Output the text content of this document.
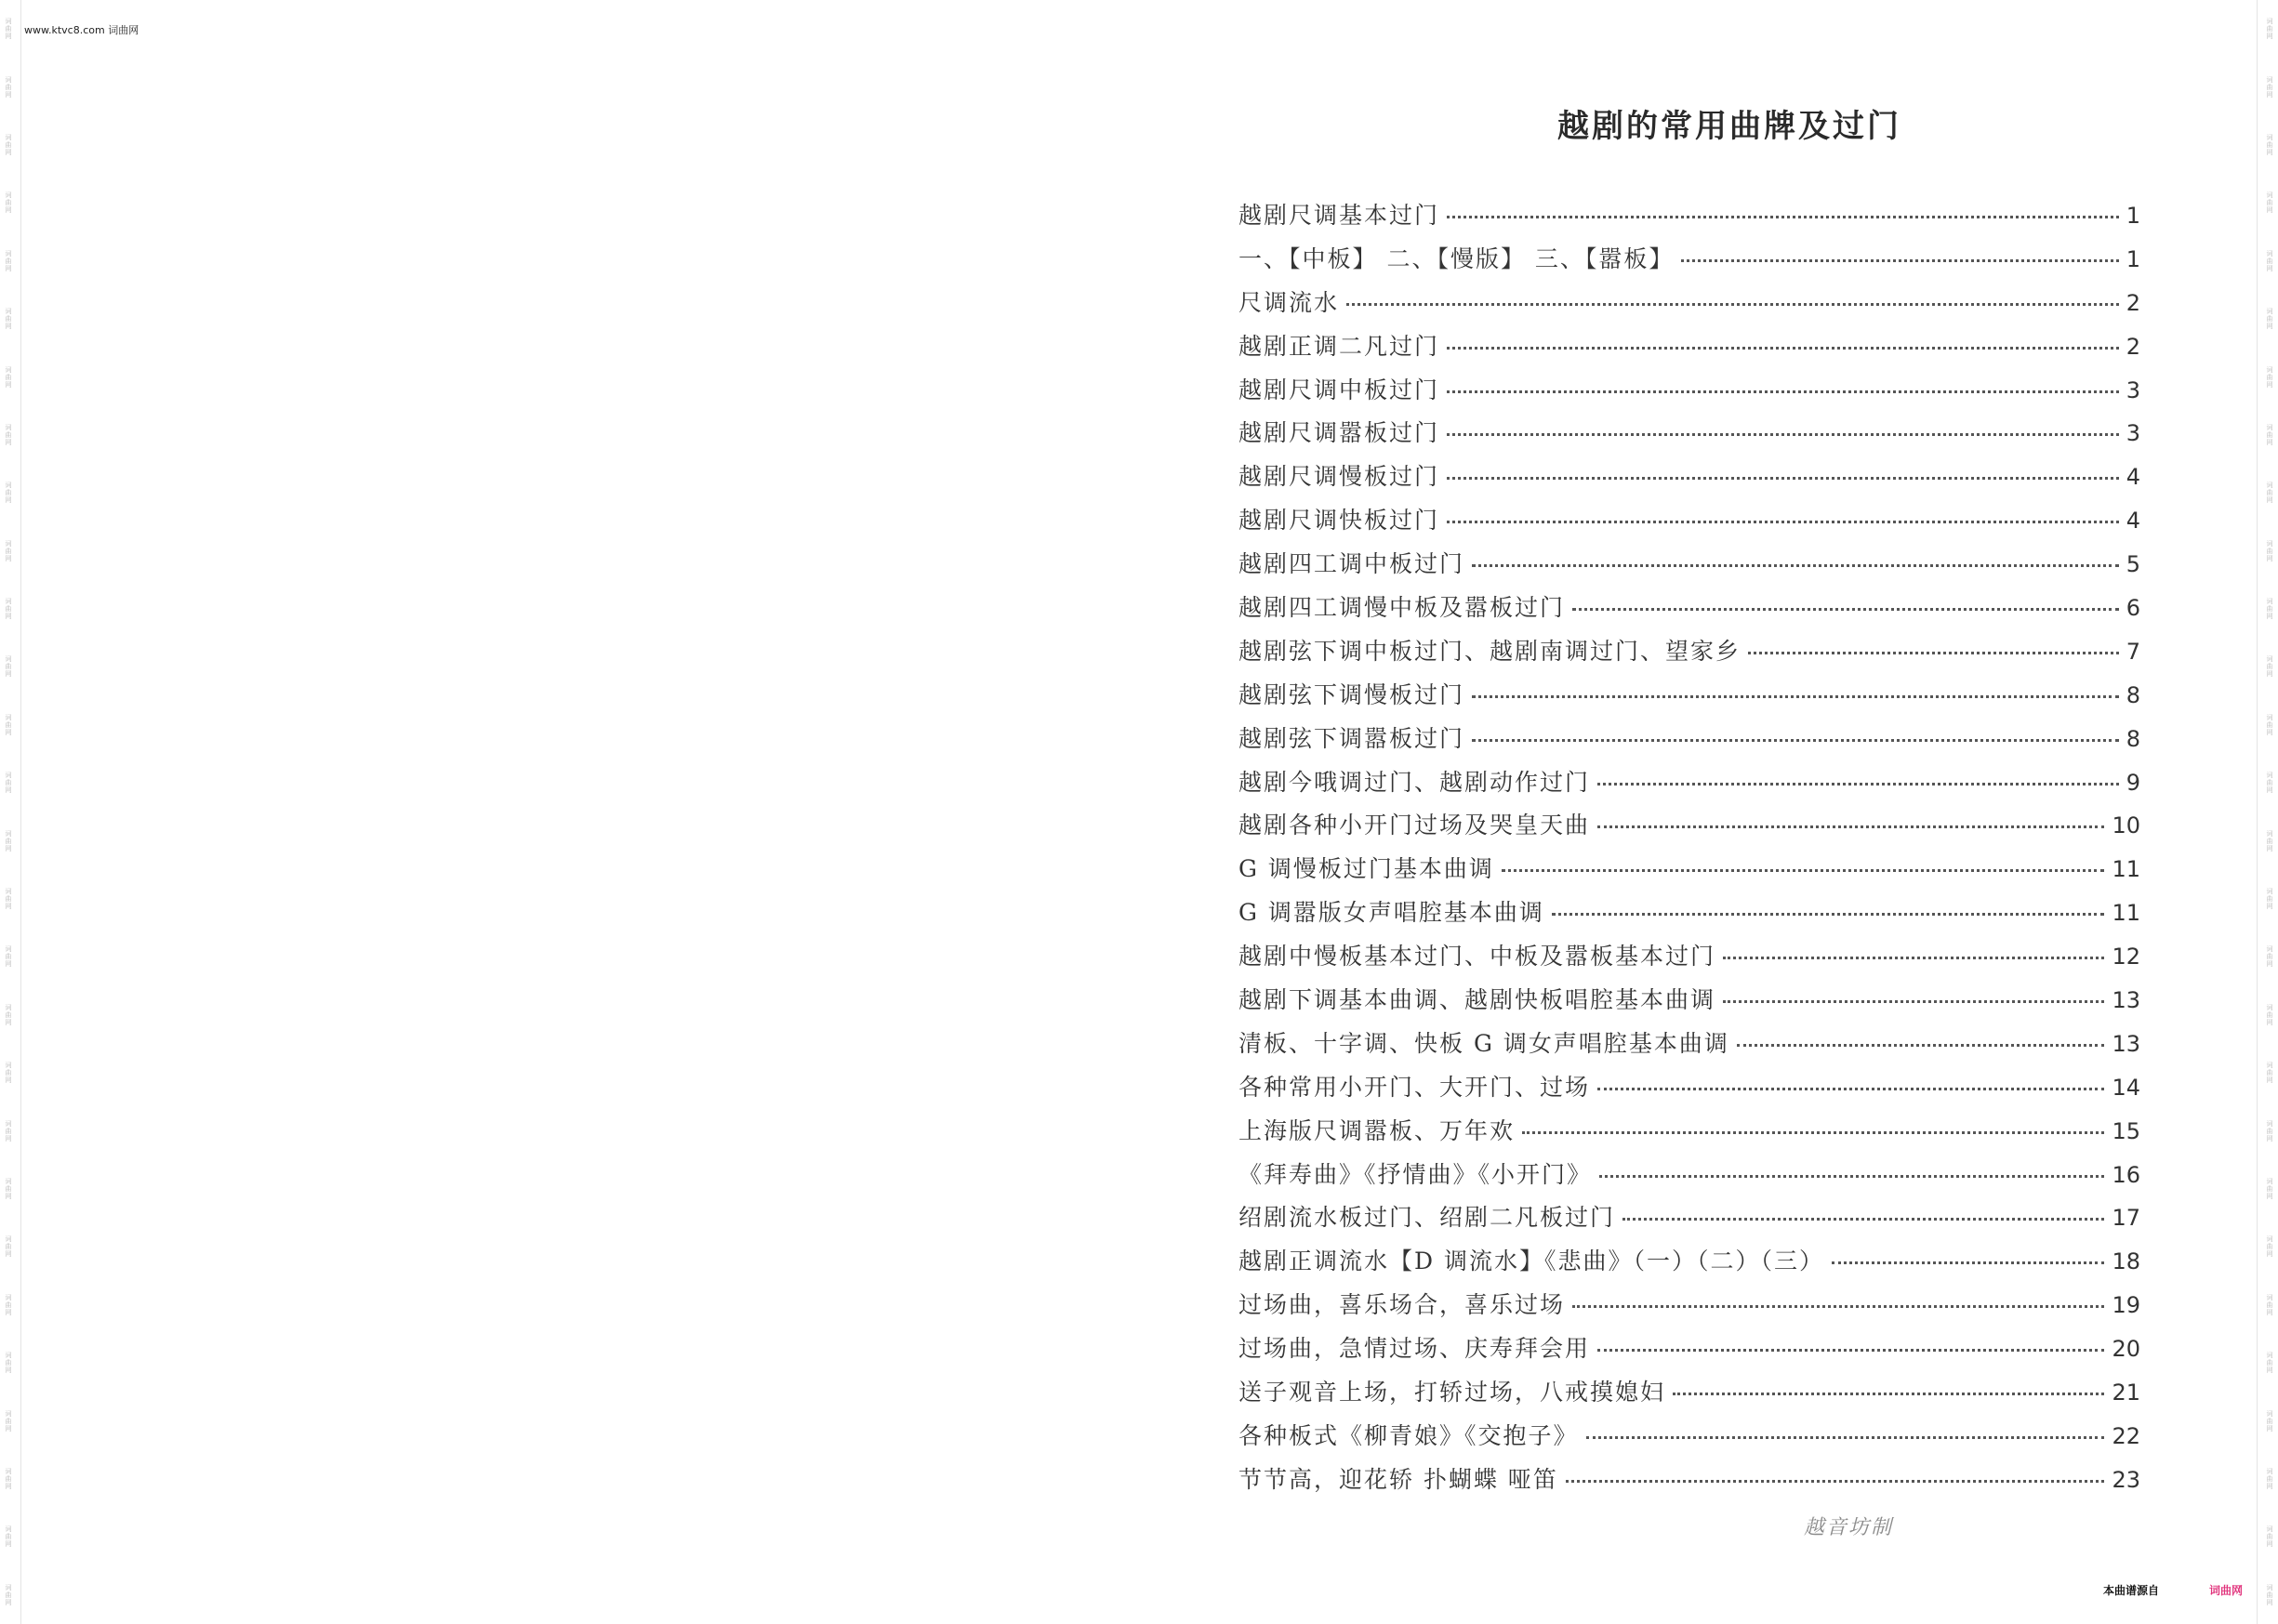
词曲网
词曲网
词曲网
词曲网
词曲网
词曲网
词曲网
词曲网
词曲网
词曲网
词曲网
词曲网
词曲网
词曲网
词曲网
词曲网
词曲网
词曲网
词曲网
词曲网
词曲网
词曲网
词曲网
词曲网
词曲网
词曲网
词曲网
词曲网
词曲网
词曲网
词曲网
词曲网
词曲网
词曲网
词曲网
词曲网
词曲网
词曲网
词曲网
词曲网
词曲网
词曲网
词曲网
词曲网
词曲网
词曲网
词曲网
词曲网
词曲网
词曲网
词曲网
词曲网
词曲网
词曲网
词曲网
词曲网
www.ktvc8.com 词曲网
越剧的常用曲牌及过门
越剧尺调基本过门	1
一、【中板】 二、【慢版】 三、【嚣板】	1
尺调流水	2
越剧正调二凡过门	2
越剧尺调中板过门	3
越剧尺调嚣板过门	3
越剧尺调慢板过门	4
越剧尺调快板过门	4
越剧四工调中板过门	5
越剧四工调慢中板及嚣板过门	6
越剧弦下调中板过门、越剧南调过门、望家乡	7
越剧弦下调慢板过门	8
越剧弦下调嚣板过门	8
越剧今哦调过门、越剧动作过门	9
越剧各种小开门过场及哭皇天曲	10
G 调慢板过门基本曲调	11
G 调嚣版女声唱腔基本曲调	11
越剧中慢板基本过门、中板及嚣板基本过门	12
越剧下调基本曲调、越剧快板唱腔基本曲调	13
清板、十字调、快板 G 调女声唱腔基本曲调	13
各种常用小开门、大开门、过场	14
上海版尺调嚣板、万年欢	15
《拜寿曲》《抒情曲》《小开门》	16
绍剧流水板过门、绍剧二凡板过门	17
越剧正调流水【D 调流水】《悲曲》（一）（二）（三）	18
过场曲，喜乐场合，喜乐过场	19
过场曲，急情过场、庆寿拜会用	20
送子观音上场，打轿过场，八戒摸媳妇	21
各种板式《柳青娘》《交抱子》	22
节节高，迎花轿 扑蝴蝶 哑笛	23
越音坊制
本曲谱源自	词曲网
